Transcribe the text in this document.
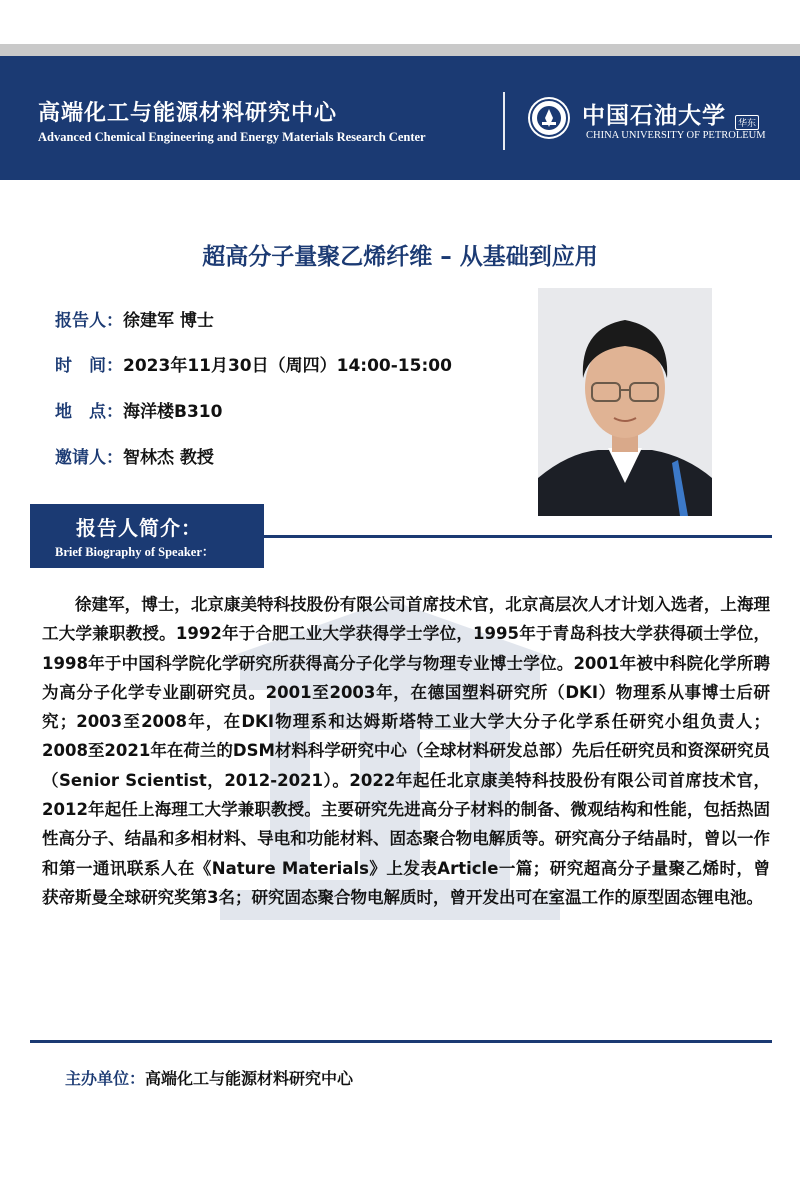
高端化工与能源材料研究中心
Advanced Chemical Engineering and Energy Materials Research Center
中国石油大学	华东
CHINA UNIVERSITY OF PETROLEUM
超高分子量聚乙烯纤维 – 从基础到应用
报告人：徐建军 博士
时　间：2023年11月30日（周四）14:00-15:00
地　点：海洋楼B310
邀请人：智林杰 教授
报告人简介：
Brief Biography of Speaker：
徐建军，博士，北京康美特科技股份有限公司首席技术官，北京高层次人才计划入选者，上海理工大学兼职教授。1992年于合肥工业大学获得学士学位，1995年于青岛科技大学获得硕士学位，1998年于中国科学院化学研究所获得高分子化学与物理专业博士学位。2001年被中科院化学所聘为高分子化学专业副研究员。2001至2003年，在德国塑料研究所（DKI）物理系从事博士后研究；2003至2008年，在DKI物理系和达姆斯塔特工业大学大分子化学系任研究小组负责人；2008至2021年在荷兰的DSM材料科学研究中心（全球材料研发总部）先后任研究员和资深研究员（Senior Scientist，2012-2021）。2022年起任北京康美特科技股份有限公司首席技术官，2012年起任上海理工大学兼职教授。主要研究先进高分子材料的制备、微观结构和性能，包括热固性高分子、结晶和多相材料、导电和功能材料、固态聚合物电解质等。研究高分子结晶时，曾以一作和第一通讯联系人在《Nature Materials》上发表Article一篇；研究超高分子量聚乙烯时，曾获帝斯曼全球研究奖第3名；研究固态聚合物电解质时，曾开发出可在室温工作的原型固态锂电池。
主办单位：高端化工与能源材料研究中心
